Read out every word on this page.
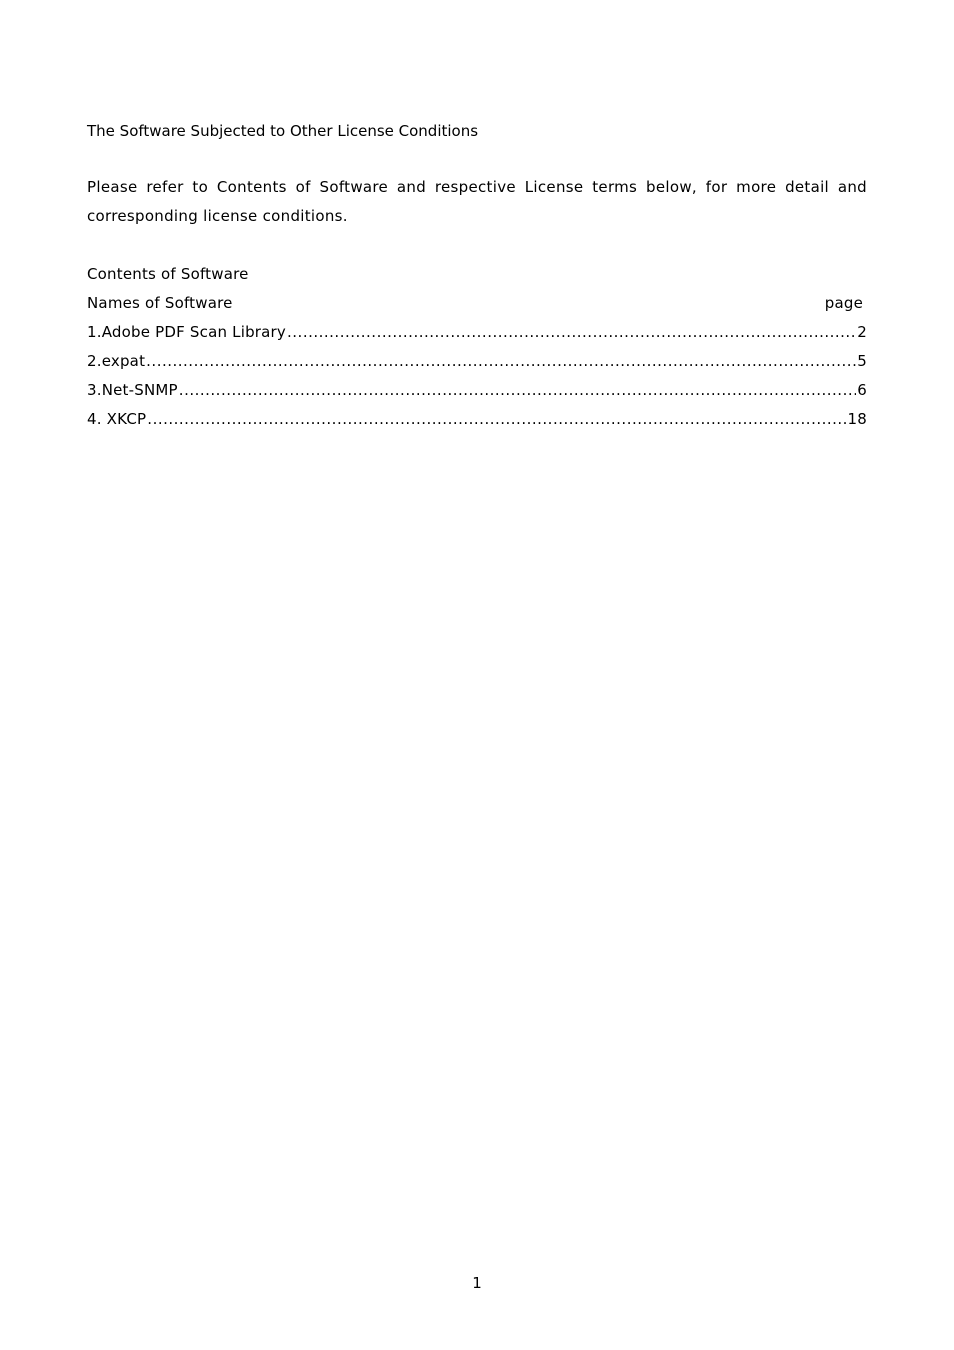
The Software Subjected to Other License Conditions

Please refer to Contents of Software and respective License terms below, for more detail and corresponding license conditions.

Contents of Software
Names of Software	page
1.Adobe PDF Scan Library .....	2
2.expat .....	5
3.Net-SNMP .....	6
4. XKCP .....	18
1
